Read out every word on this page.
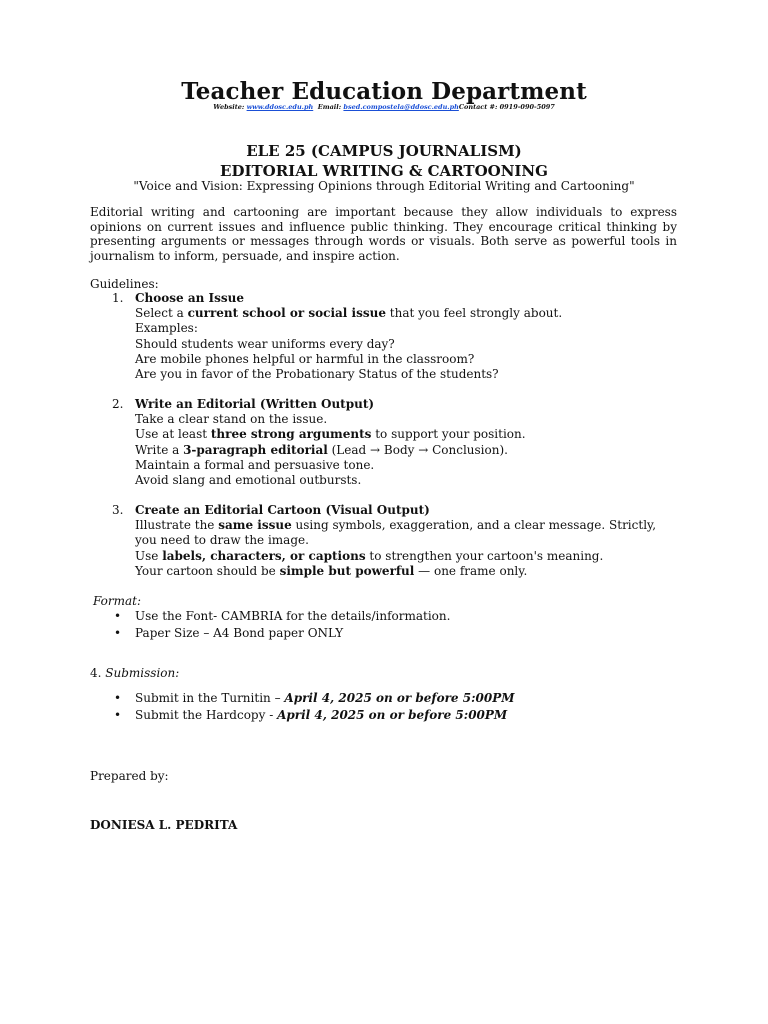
Teacher Education Department
Website: www.ddosc.edu.ph Email: bsed.compostela@ddosc.edu.phContact #: 0919-090-5097
ELE 25 (CAMPUS JOURNALISM)
EDITORIAL WRITING & CARTOONING
"Voice and Vision: Expressing Opinions through Editorial Writing and Cartooning"
Editorial writing and cartooning are important because they allow individuals to express opinions on current issues and influence public thinking. They encourage critical thinking by presenting arguments or messages through words or visuals. Both serve as powerful tools in journalism to inform, persuade, and inspire action.
Guidelines:
1. Choose an Issue

Select a current school or social issue that you feel strongly about.

Examples:

Should students wear uniforms every day?

Are mobile phones helpful or harmful in the classroom?

Are you in favor of the Probationary Status of the students?

2. Write an Editorial (Written Output)

Take a clear stand on the issue.

Use at least three strong arguments to support your position.

Write a 3-paragraph editorial (Lead → Body → Conclusion).

Maintain a formal and persuasive tone.

Avoid slang and emotional outbursts.

3. Create an Editorial Cartoon (Visual Output)

Illustrate the same issue using symbols, exaggeration, and a clear message. Strictly, you need to draw the image.

Use labels, characters, or captions to strengthen your cartoon's meaning.

Your cartoon should be simple but powerful — one frame only.

Format:
• Use the Font- CAMBRIA for the details/information.
• Paper Size – A4 Bond paper ONLY
4. Submission:
• Submit in the Turnitin – April 4, 2025 on or before 5:00PM
• Submit the Hardcopy - April 4, 2025 on or before 5:00PM
Prepared by:
DONIESA L. PEDRITA
